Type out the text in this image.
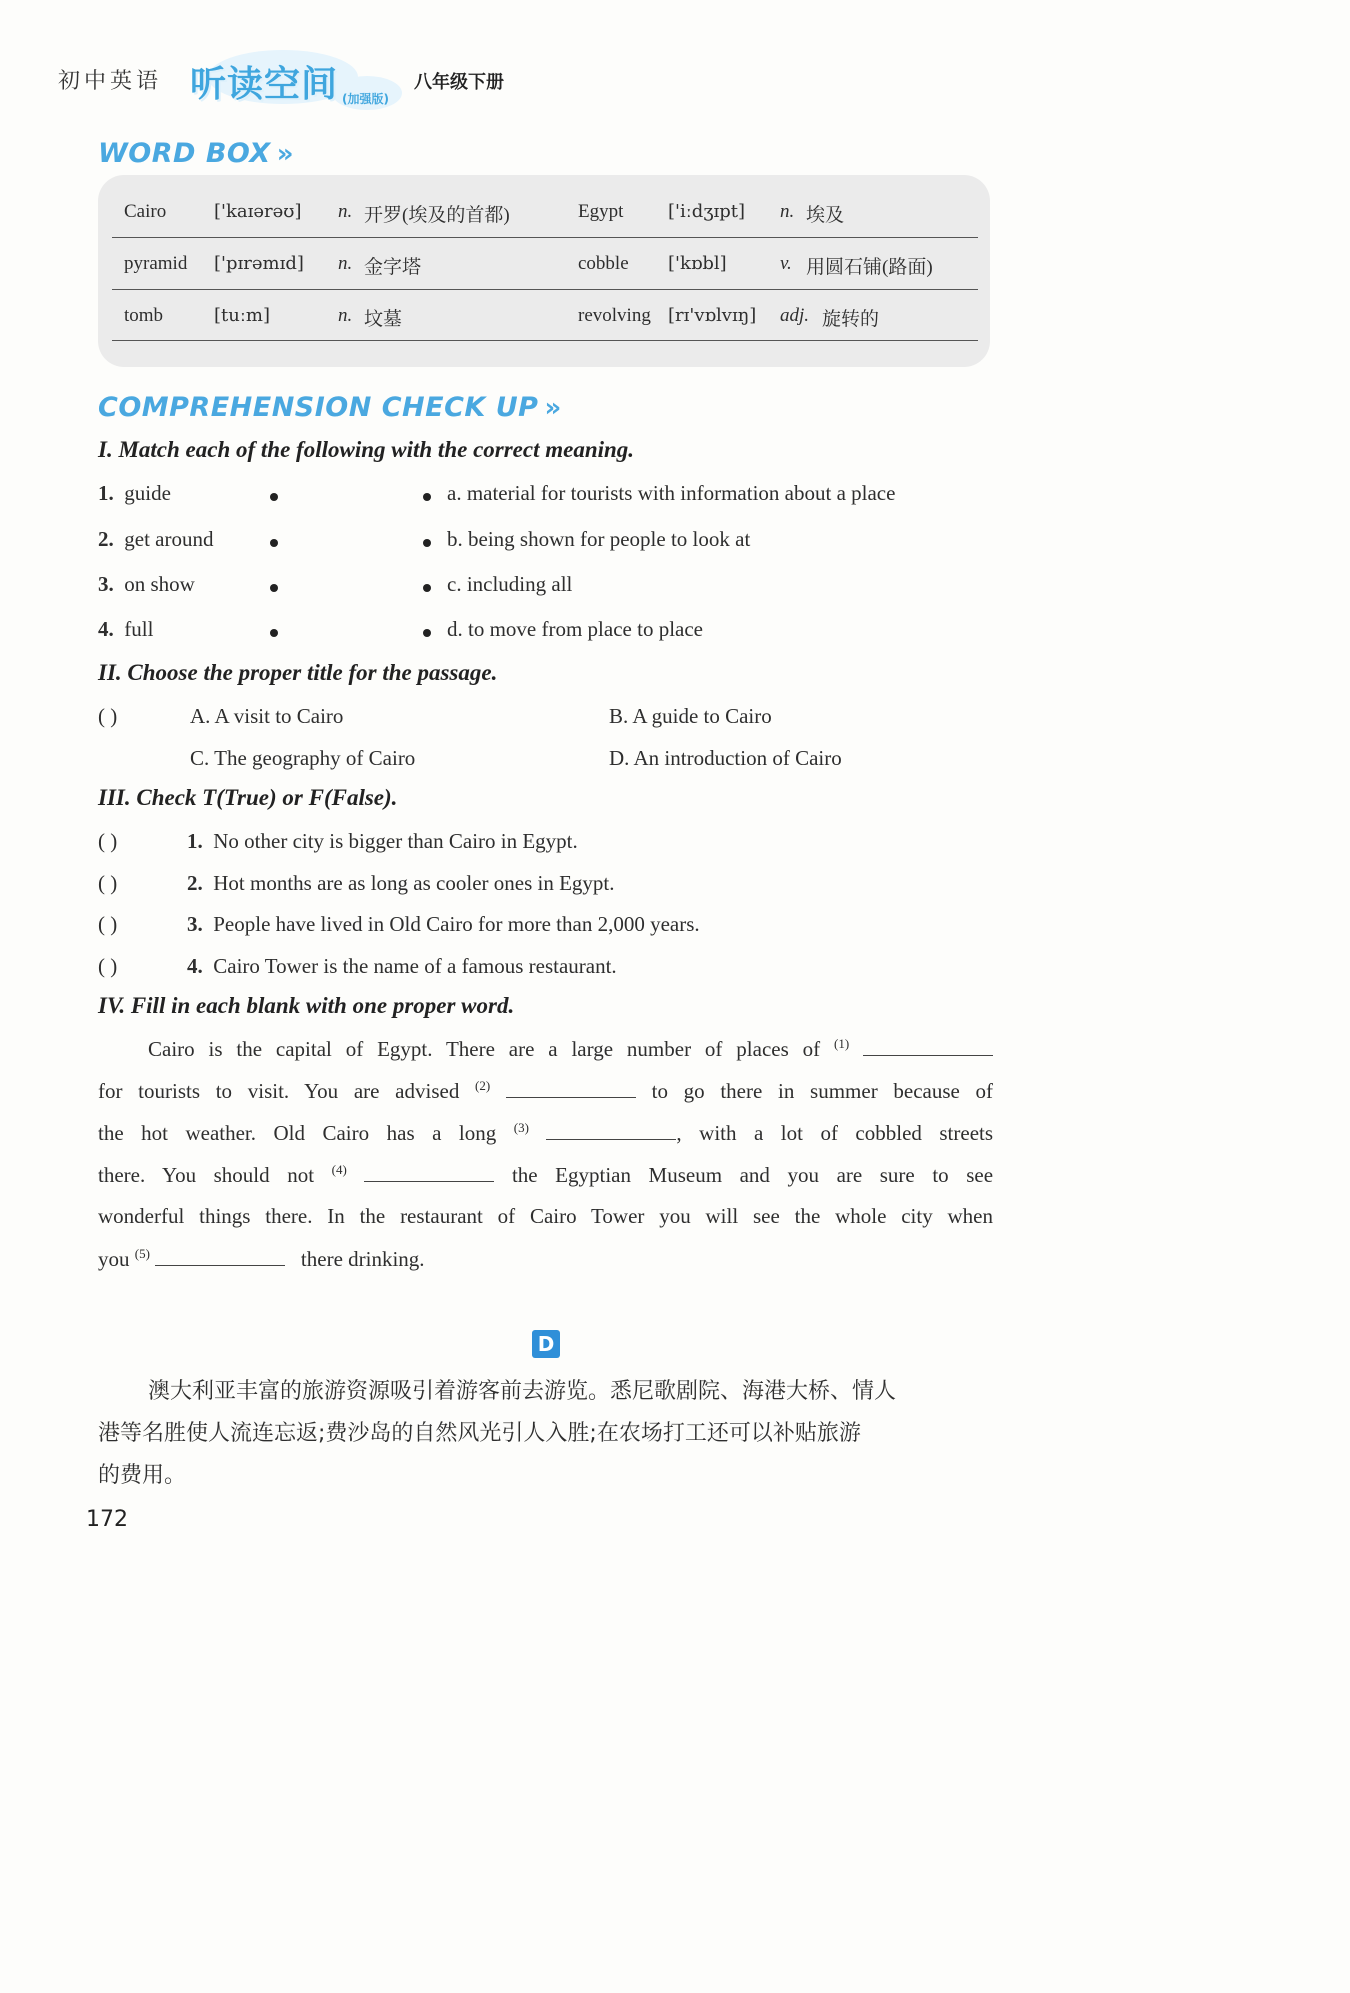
初中英语 听读空间 (加强版)
八年级下册
WORD BOX »
Cairo	['kaɪərəʊ] n. 开罗(埃及的首都)	Egypt ['iːdʒɪpt] n. 埃及
pyramid ['pɪrəmɪd] n. 金字塔	cobble ['kɒbl]	v. 用圆石铺(路面)
tomb	[tuːm]	n. 坟墓	revolving [rɪ'vɒlvɪŋ] adj. 旋转的
COMPREHENSION CHECK UP »
I. Match each of the following with the correct meaning.
1. guide	a. material for tourists with information about a place
2. get around	b. being shown for people to look at
3. on show	c. including all
4. full	d. to move from place to place
II. Choose the proper title for the passage.
( )	A. A visit to Cairo	B. A guide to Cairo
C. The geography of Cairo	D. An introduction of Cairo
III. Check T(True) or F(False).
( )	1. No other city is bigger than Cairo in Egypt.
( )	2. Hot months are as long as cooler ones in Egypt.
( )	3. People have lived in Old Cairo for more than 2,000 years.
( )	4. Cairo Tower is the name of a famous restaurant.
IV. Fill in each blank with one proper word.
Cairo is the capital of Egypt. There are a large number of places of $^{(1)}$
for tourists to visit. You are advised $^{(2)}$	to go there in summer because of
the hot weather. Old Cairo has a long $^{(3)}$	, with a lot of cobbled streets
there. You should not $^{(4)}$	the Egyptian Museum and you are sure to see
wonderful things there. In the restaurant of Cairo Tower you will see the whole city when
you $^{(5)}$	there drinking.
D
澳大利亚丰富的旅游资源吸引着游客前去游览。悉尼歌剧院、海港大桥、情人
港等名胜使人流连忘返;费沙岛的自然风光引人入胜;在农场打工还可以补贴旅游
的费用。
172
